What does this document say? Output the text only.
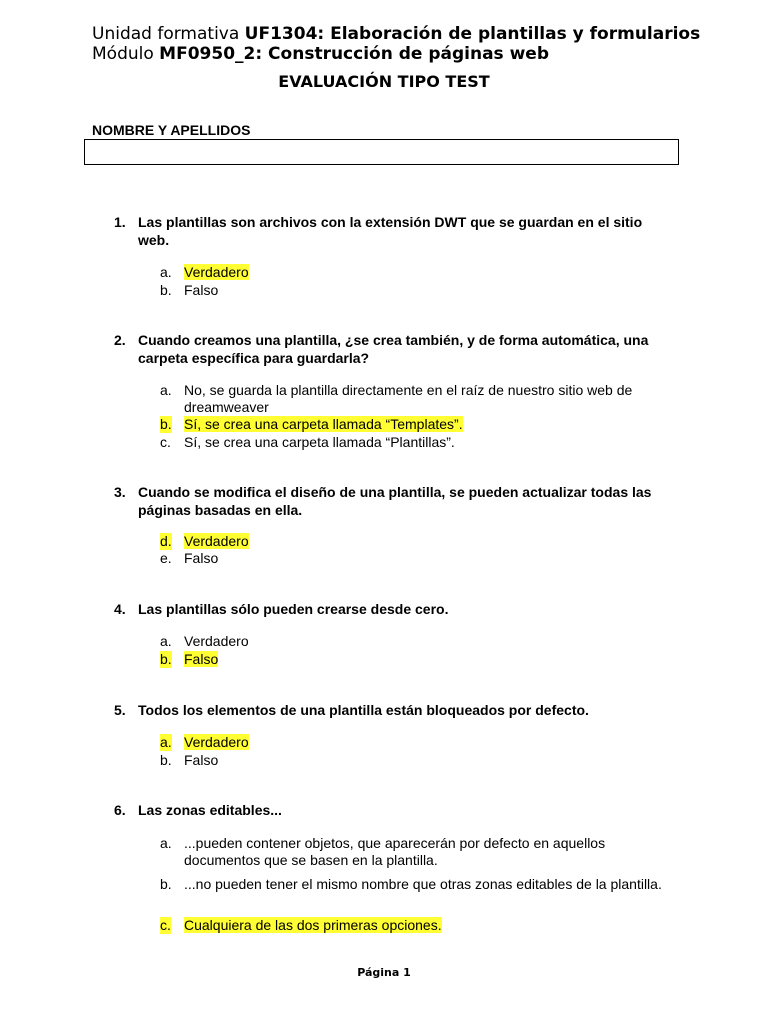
Unidad formativa UF1304: Elaboración de plantillas y formularios
Módulo MF0950_2: Construcción de páginas web
EVALUACIÓN TIPO TEST
NOMBRE Y APELLIDOS
1. Las plantillas son archivos con la extensión DWT que se guardan en el sitio web.
a. Verdadero
b. Falso
2. Cuando creamos una plantilla, ¿se crea también, y de forma automática, una carpeta específica para guardarla?
a. No, se guarda la plantilla directamente en el raíz de nuestro sitio web de dreamweaver
b. Sí, se crea una carpeta llamada “Templates”.
c. Sí, se crea una carpeta llamada “Plantillas”.
3. Cuando se modifica el diseño de una plantilla, se pueden actualizar todas las páginas basadas en ella.
d. Verdadero
e. Falso
4. Las plantillas sólo pueden crearse desde cero.
a. Verdadero
b. Falso
5. Todos los elementos de una plantilla están bloqueados por defecto.
a. Verdadero
b. Falso
6. Las zonas editables...
a. ...pueden contener objetos, que aparecerán por defecto en aquellos documentos que se basen en la plantilla.
b. ...no pueden tener el mismo nombre que otras zonas editables de la plantilla.
c. Cualquiera de las dos primeras opciones.
Página 1
